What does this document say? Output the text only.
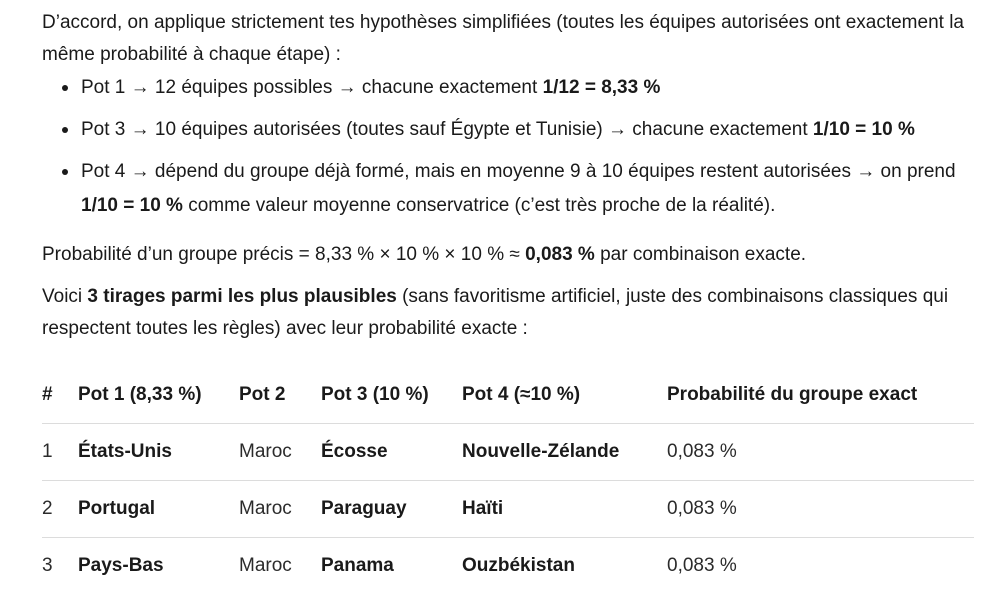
D’accord, on applique strictement tes hypothèses simplifiées (toutes les équipes autorisées ont exactement la même probabilité à chaque étape) :

Pot 1 → 12 équipes possibles → chacune exactement 1/12 = 8,33 %
Pot 3 → 10 équipes autorisées (toutes sauf Égypte et Tunisie) → chacune exactement 1/10 = 10 %
Pot 4 → dépend du groupe déjà formé, mais en moyenne 9 à 10 équipes restent autorisées → on prend 1/10 = 10 % comme valeur moyenne conservatrice (c’est très proche de la réalité).

Probabilité d’un groupe précis = 8,33 % × 10 % × 10 % ≈ 0,083 % par combinaison exacte.

Voici 3 tirages parmi les plus plausibles (sans favoritisme artificiel, juste des combinaisons classiques qui respectent toutes les règles) avec leur probabilité exacte :

#	Pot 1 (8,33 %)	Pot 2	Pot 3 (10 %)	Pot 4 (≈10 %)	Probabilité du groupe exact
1	États-Unis	Maroc	Écosse	Nouvelle-Zélande	0,083 %
2	Portugal	Maroc	Paraguay	Haïti	0,083 %
3	Pays-Bas	Maroc	Panama	Ouzbékistan	0,083 %
